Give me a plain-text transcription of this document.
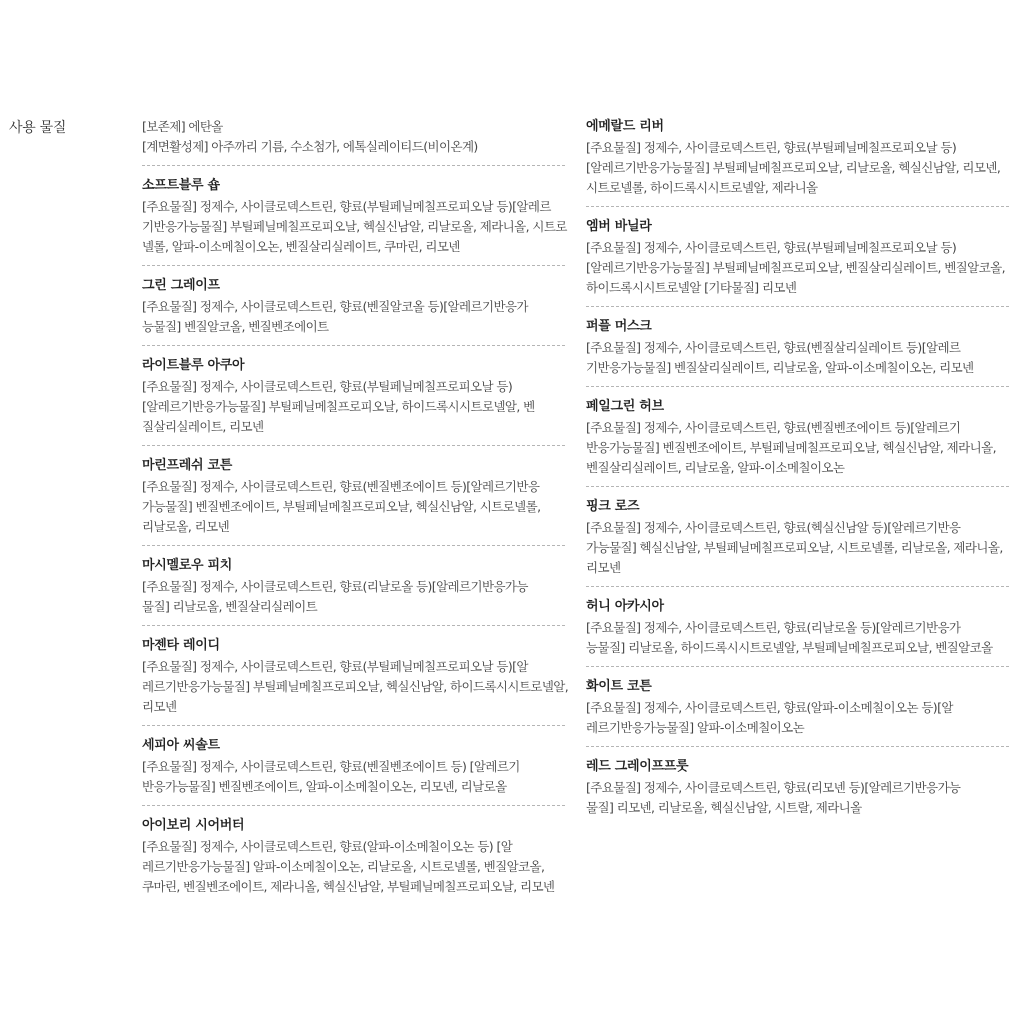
사용 물질	[보존제] 에탄올
[계면활성제] 아주까리 기름, 수소첨가, 에톡실레이티드(비이온계)
소프트블루 숍
[주요물질] 정제수, 사이클로덱스트린, 향료(부틸페닐메칠프로피오날 등)[알레르
기반응가능물질] 부틸페닐메칠프로피오날, 헥실신남알, 리날로올, 제라니올, 시트로
넬롤, 알파-이소메칠이오논, 벤질살리실레이트, 쿠마린, 리모넨
그린 그레이프
[주요물질] 정제수, 사이클로덱스트린, 향료(벤질알코올 등)[알레르기반응가
능물질] 벤질알코올, 벤질벤조에이트
라이트블루 아쿠아
[주요물질] 정제수, 사이클로덱스트린, 향료(부틸페닐메칠프로피오날 등)
[알레르기반응가능물질] 부틸페닐메칠프로피오날, 하이드록시시트로넬알, 벤
질살리실레이트, 리모넨
마린프레쉬 코튼
[주요물질] 정제수, 사이클로덱스트린, 향료(벤질벤조에이트 등)[알레르기반응
가능물질] 벤질벤조에이트, 부틸페닐메칠프로피오날, 헥실신남알, 시트로넬롤,
리날로올, 리모넨
마시멜로우 피치
[주요물질] 정제수, 사이클로덱스트린, 향료(리날로올 등)[알레르기반응가능
물질] 리날로올, 벤질살리실레이트
마젠타 레이디
[주요물질] 정제수, 사이클로덱스트린, 향료(부틸페닐메칠프로피오날 등)[알
레르기반응가능물질] 부틸페닐메칠프로피오날, 헥실신남알, 하이드록시시트로넬알,
리모넨
세피아 씨솔트
[주요물질] 정제수, 사이클로덱스트린, 향료(벤질벤조에이트 등) [알레르기
반응가능물질] 벤질벤조에이트, 알파-이소메칠이오논, 리모넨, 리날로올
아이보리 시어버터
[주요물질] 정제수, 사이클로덱스트린, 향료(알파-이소메칠이오논 등) [알
레르기반응가능물질] 알파-이소메칠이오논, 리날로올, 시트로넬롤, 벤질알코올,
쿠마린, 벤질벤조에이트, 제라니올, 헥실신남알, 부틸페닐메칠프로피오날, 리모넨
에메랄드 리버
[주요물질] 정제수, 사이클로덱스트린, 향료(부틸페닐메칠프로피오날 등)
[알레르기반응가능물질] 부틸페닐메칠프로피오날, 리날로올, 헥실신남알, 리모넨,
시트로넬롤, 하이드록시시트로넬알, 제라니올
엠버 바닐라
[주요물질] 정제수, 사이클로덱스트린, 향료(부틸페닐메칠프로피오날 등)
[알레르기반응가능물질] 부틸페닐메칠프로피오날, 벤질살리실레이트, 벤질알코올,
하이드록시시트로넬알 [기타물질] 리모넨
퍼플 머스크
[주요물질] 정제수, 사이클로덱스트린, 향료(벤질살리실레이트 등)[알레르
기반응가능물질] 벤질살리실레이트, 리날로올, 알파-이소메칠이오논, 리모넨
페일그린 허브
[주요물질] 정제수, 사이클로덱스트린, 향료(벤질벤조에이트 등)[알레르기
반응가능물질] 벤질벤조에이트, 부틸페닐메칠프로피오날, 헥실신남알, 제라니올,
벤질살리실레이트, 리날로올, 알파-이소메칠이오논
핑크 로즈
[주요물질] 정제수, 사이클로덱스트린, 향료(헥실신남알 등)[알레르기반응
가능물질] 헥실신남알, 부틸페닐메칠프로피오날, 시트로넬롤, 리날로올, 제라니올,
리모넨
허니 아카시아
[주요물질] 정제수, 사이클로덱스트린, 향료(리날로올 등)[알레르기반응가
능물질] 리날로올, 하이드록시시트로넬알, 부틸페닐메칠프로피오날, 벤질알코올
화이트 코튼
[주요물질] 정제수, 사이클로덱스트린, 향료(알파-이소메칠이오논 등)[알
레르기반응가능물질] 알파-이소메칠이오논
레드 그레이프프룻
[주요물질] 정제수, 사이클로덱스트린, 향료(리모넨 등)[알레르기반응가능
물질] 리모넨, 리날로올, 헥실신남알, 시트랄, 제라니올
